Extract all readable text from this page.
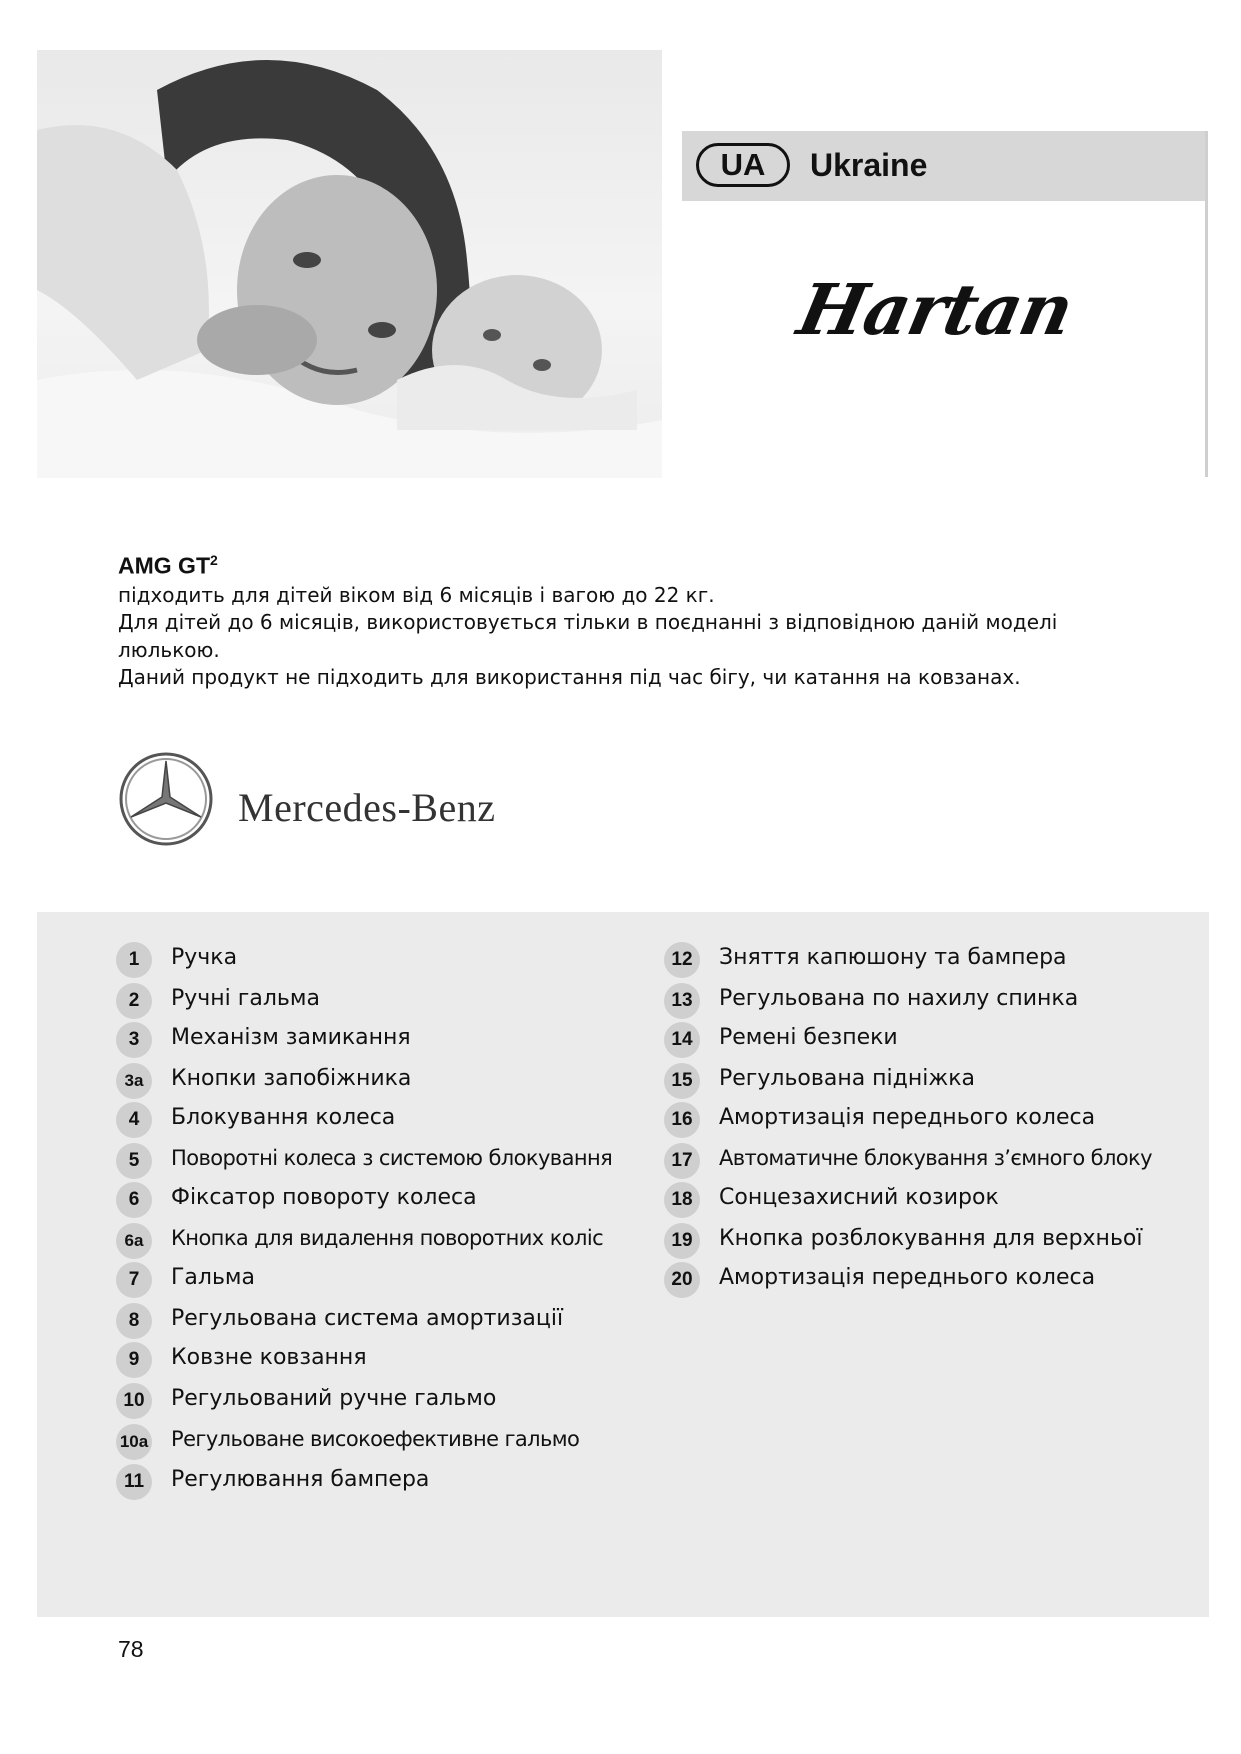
UA	Ukraine
Hartan
AMG $GT^2$
підходить для дітей віком від 6 місяців і вагою до 22 кг.
Для дітей до 6 місяців, використовується тільки в поєднанні з відповідною даній моделі
люлькою.
Даний продукт не підходить для використання під час бігу, чи катання на ковзанах.
Mercedes-Benz
1	Ручка
2	Ручні гальма
3	Механізм замикання
3a	Кнопки запобіжника
4	Блокування колеса
5	Поворотні колеса з системою блокування
6	Фіксатор повороту колеса
6a	Кнопка для видалення поворотних коліс
7	Гальма
8	Регульована система амортизації
9	Ковзне ковзання
10	Регульований ручне гальмо
10a Регульоване високоефективне гальмо
11	Регулювання бампера
12	Зняття капюшону та бампера
13	Регульована по нахилу спинка
14	Ремені безпеки
15	Регульована підніжка
16	Амортизація переднього колеса
17	Автоматичне блокування з’ємного блоку
18	Сонцезахисний козирок
19	Кнопка розблокування для верхньої
20	Амортизація переднього колеса
78
